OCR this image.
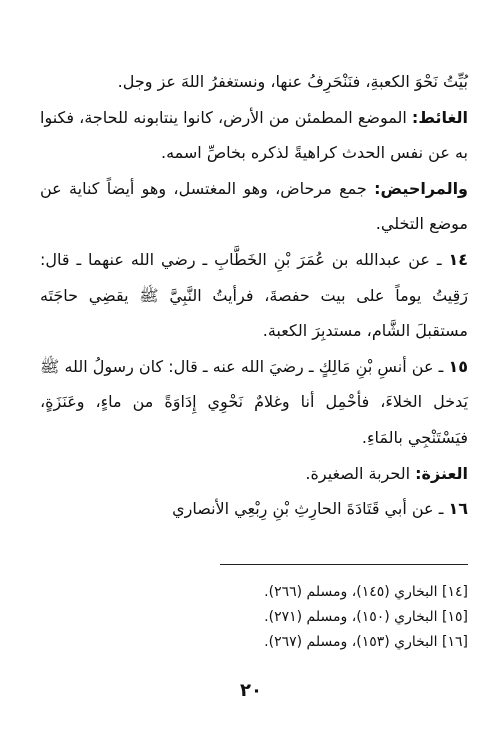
بُيِّتُ نَحْوَ الكعبةِ، فنَنْحَرِفُ عنها، ونستغفرُ اللهَ عز وجل.

الغائط: الموضع المطمئن من الأرض، كانوا ينتابونه للحاجة، فكنوا به عن نفس الحدث كراهيةً لذكره بخاصِّ اسمه.

والمراحيض: جمع مرحاض، وهو المغتسل، وهو أيضاً كناية عن موضع التخلي.

١٤ ـ عن عبدالله بن عُمَرَ بْنِ الخَطَّابِ ـ رضي الله عنهما ـ قال: رَقِيتُ يوماً على بيت حفصةَ، فرأيتُ النَّبِيَّ ﷺ يقضِي حاجَتَه مستقبلَ الشَّام، مستدبِرَ الكعبة.

١٥ ـ عن أنسِ بْنِ مَالِكٍ ـ رضيَ الله عنه ـ قال: كان رسولُ الله ﷺ يَدخل الخلاءَ، فأحْمِل أنا وغلامٌ نَحْوِي إِدَاوَةً من ماءٍ، وعَنَزَةٍ، فيَسْتَنْجِي بالمَاءِ.

العنزة: الحربة الصغيرة.

١٦ ـ عن أبي قَتَادَةَ الحارِثِ بْنِ رِبْعِي الأنصاري

[١٤] البخاري (١٤٥)، ومسلم (٢٦٦).
[١٥] البخاري (١٥٠)، ومسلم (٢٧١).
[١٦] البخاري (١٥٣)، ومسلم (٢٦٧).
٢٠
